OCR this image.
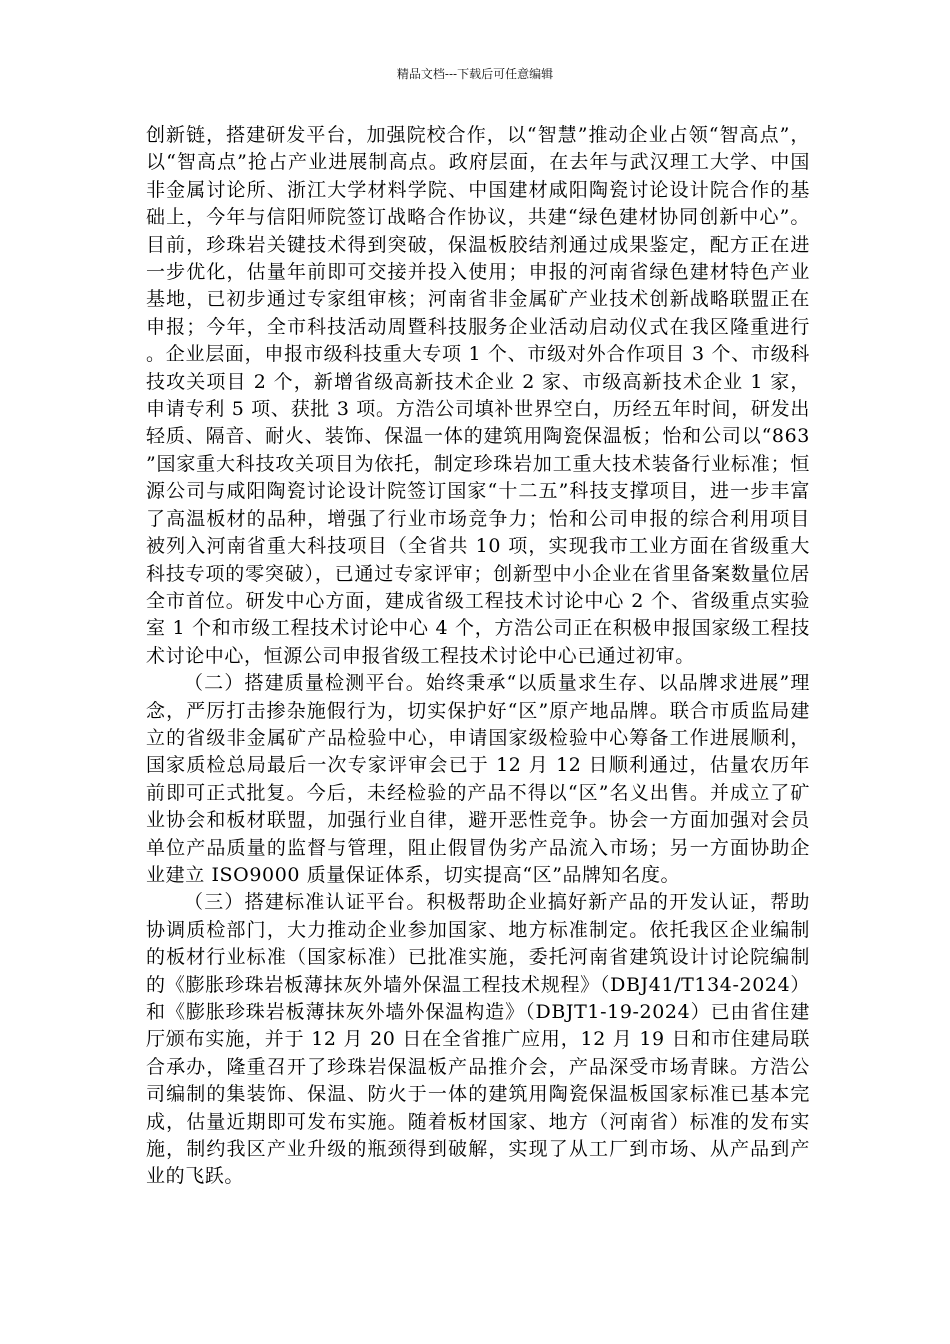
精品文档---下载后可任意编辑

创新链，搭建研发平台，加强院校合作，以“智慧”推动企业占领“智高点”，以“智高点”抢占产业进展制高点。政府层面，在去年与武汉理工大学、中国非金属讨论所、浙江大学材料学院、中国建材咸阳陶瓷讨论设计院合作的基础上，今年与信阳师院签订战略合作协议，共建“绿色建材协同创新中心”。目前，珍珠岩关键技术得到突破，保温板胶结剂通过成果鉴定，配方正在进一步优化，估量年前即可交接并投入使用；申报的河南省绿色建材特色产业基地，已初步通过专家组审核；河南省非金属矿产业技术创新战略联盟正在申报；今年，全市科技活动周暨科技服务企业活动启动仪式在我区隆重进行。企业层面，申报市级科技重大专项 1 个、市级对外合作项目 3 个、市级科技攻关项目 2 个，新增省级高新技术企业 2 家、市级高新技术企业 1 家，申请专利 5 项、获批 3 项。方浩公司填补世界空白，历经五年时间，研发出轻质、隔音、耐火、装饰、保温一体的建筑用陶瓷保温板；怡和公司以“863”国家重大科技攻关项目为依托，制定珍珠岩加工重大技术装备行业标准；恒源公司与咸阳陶瓷讨论设计院签订国家“十二五”科技支撑项目，进一步丰富了高温板材的品种，增强了行业市场竞争力；怡和公司申报的综合利用项目被列入河南省重大科技项目（全省共 10 项，实现我市工业方面在省级重大科技专项的零突破），已通过专家评审；创新型中小企业在省里备案数量位居全市首位。研发中心方面，建成省级工程技术讨论中心 2 个、省级重点实验室 1 个和市级工程技术讨论中心 4 个，方浩公司正在积极申报国家级工程技术讨论中心，恒源公司申报省级工程技术讨论中心已通过初审。

（二）搭建质量检测平台。始终秉承“以质量求生存、以品牌求进展”理念，严厉打击掺杂施假行为，切实保护好“区”原产地品牌。联合市质监局建立的省级非金属矿产品检验中心，申请国家级检验中心筹备工作进展顺利，国家质检总局最后一次专家评审会已于 12 月 12 日顺利通过，估量农历年前即可正式批复。今后，未经检验的产品不得以“区”名义出售。并成立了矿业协会和板材联盟，加强行业自律，避开恶性竞争。协会一方面加强对会员单位产品质量的监督与管理，阻止假冒伪劣产品流入市场；另一方面协助企业建立 ISO9000 质量保证体系，切实提高“区”品牌知名度。

（三）搭建标准认证平台。积极帮助企业搞好新产品的开发认证，帮助协调质检部门，大力推动企业参加国家、地方标准制定。依托我区企业编制的板材行业标准（国家标准）已批准实施，委托河南省建筑设计讨论院编制的《膨胀珍珠岩板薄抹灰外墙外保温工程技术规程》（DBJ41/T134-2024）和《膨胀珍珠岩板薄抹灰外墙外保温构造》（DBJT1-19-2024）已由省住建厅颁布实施，并于 12 月 20 日在全省推广应用，12 月 19 日和市住建局联合承办，隆重召开了珍珠岩保温板产品推介会，产品深受市场青睐。方浩公司编制的集装饰、保温、防火于一体的建筑用陶瓷保温板国家标准已基本完成，估量近期即可发布实施。随着板材国家、地方（河南省）标准的发布实施，制约我区产业升级的瓶颈得到破解，实现了从工厂到市场、从产品到产业的飞跃。
